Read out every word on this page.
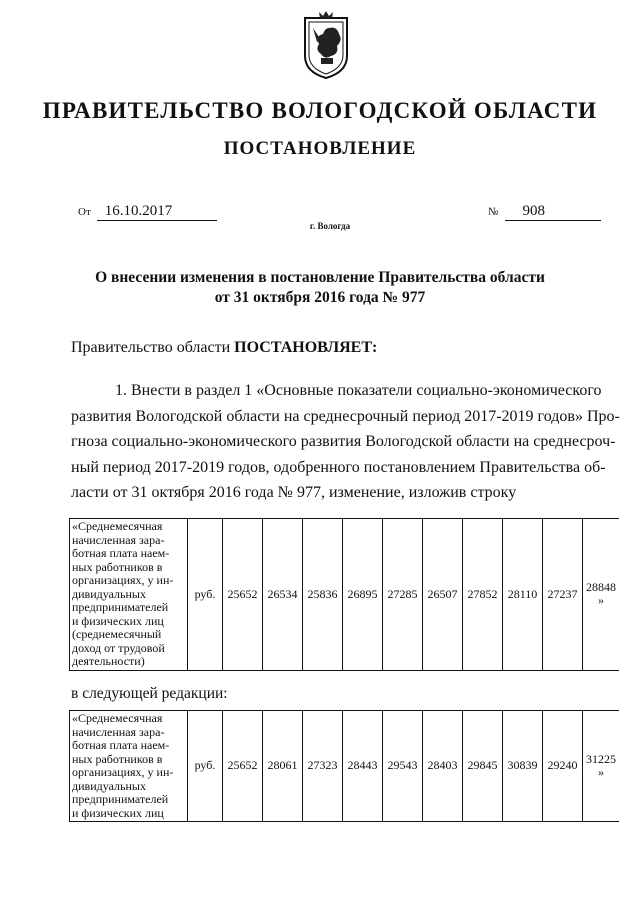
ПРАВИТЕЛЬСТВО ВОЛОГОДСКОЙ ОБЛАСТИ
ПОСТАНОВЛЕНИЕ
От 16.10.2017	№ 908
г. Вологда
О внесении изменения в постановление Правительства области
от 31 октября 2016 года № 977
Правительство области ПОСТАНОВЛЯЕТ:
1. Внести в раздел 1 «Основные показатели социально-экономического
развития Вологодской области на среднесрочный период 2017-2019 годов» Про-
гноза социально-экономического развития Вологодской области на среднесроч-
ный период 2017-2019 годов, одобренного постановлением Правительства об-
ласти от 31 октября 2016 года № 977, изменение, изложив строку
«Среднемесячная
начисленная зара-
ботная плата наем-
ных работников в
организациях, у ин-
дивидуальных
предпринимателей
и физических лиц
(среднемесячный
доход от трудовой
деятельности)
	руб.	25652	26534	25836	26895	27285	26507	27852	28110	27237	28848
»
в следующей редакции:
«Среднемесячная
начисленная зара-
ботная плата наем-
ных работников в
организациях, у ин-
дивидуальных
предпринимателей
и физических лиц
	руб.	25652	28061	27323	28443	29543	28403	29845	30839	29240	31225
»
